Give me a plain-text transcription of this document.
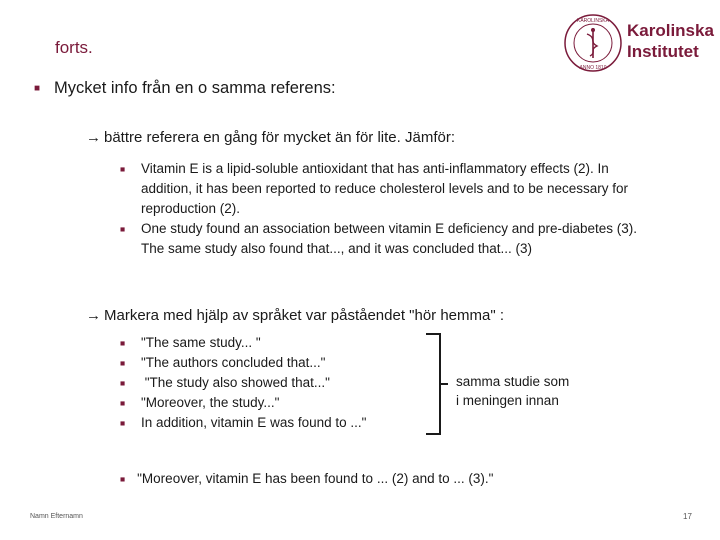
forts.
KAROLINSKA
ANNO 1810
Karolinska
Institutet
■ Mycket info från en o samma referens:
→ bättre referera en gång för mycket än för lite. Jämför:
■ Vitamin E is a lipid-soluble antioxidant that has anti-inflammatory effects (2). In addition, it has been reported to reduce cholesterol levels and to be necessary for reproduction (2).
■ One study found an association between vitamin E deficiency and pre-diabetes (3). The same study also found that..., and it was concluded that... (3)
→ Markera med hjälp av språket var påståendet "hör hemma" :
■ "The same study... "
■ "The authors concluded that..."
■ "The study also showed that..."
■ "Moreover, the study..."
■ In addition, vitamin E was found to ..."
samma studie som
i meningen innan
■ "Moreover, vitamin E has been found to ... (2) and to ... (3)."
Namn Efternamn	17
